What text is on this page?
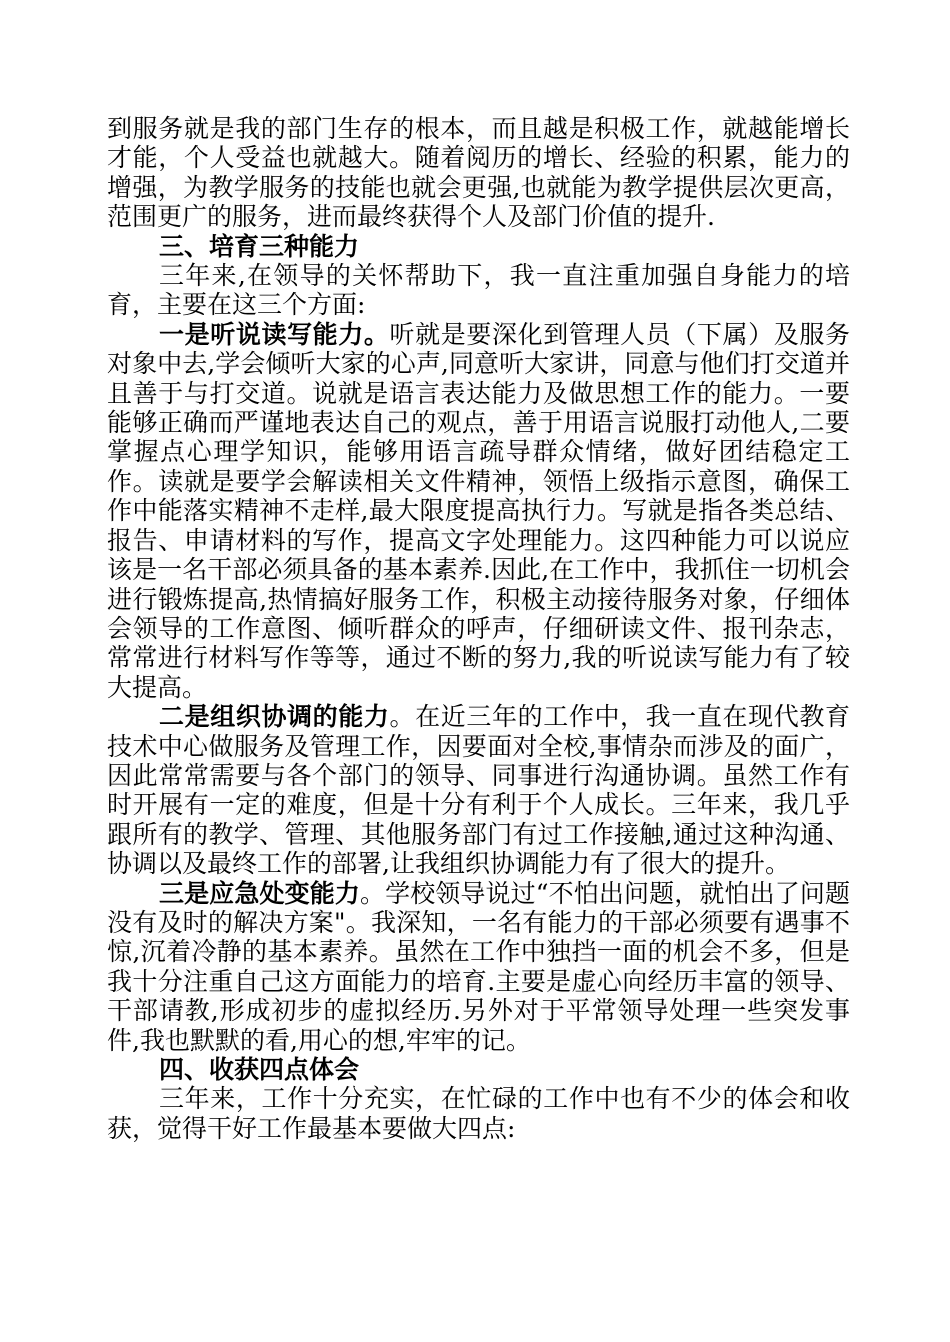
到服务就是我的部门生存的根本，而且越是积极工作，就越能增长才能，个人受益也就越大。随着阅历的增长、经验的积累，能力的增强，为教学服务的技能也就会更强,也就能为教学提供层次更高，范围更广的服务，进而最终获得个人及部门价值的提升.

三、培育三种能力

三年来,在领导的关怀帮助下，我一直注重加强自身能力的培育，主要在这三个方面:

一是听说读写能力。听就是要深化到管理人员（下属）及服务对象中去,学会倾听大家的心声,同意听大家讲，同意与他们打交道并且善于与打交道。说就是语言表达能力及做思想工作的能力。一要能够正确而严谨地表达自己的观点，善于用语言说服打动他人,二要掌握点心理学知识，能够用语言疏导群众情绪，做好团结稳定工作。读就是要学会解读相关文件精神，领悟上级指示意图，确保工作中能落实精神不走样,最大限度提高执行力。写就是指各类总结、报告、申请材料的写作，提高文字处理能力。这四种能力可以说应该是一名干部必须具备的基本素养.因此,在工作中，我抓住一切机会进行锻炼提高,热情搞好服务工作，积极主动接待服务对象，仔细体会领导的工作意图、倾听群众的呼声，仔细研读文件、报刊杂志，常常进行材料写作等等，通过不断的努力,我的听说读写能力有了较大提高。

二是组织协调的能力。在近三年的工作中，我一直在现代教育技术中心做服务及管理工作，因要面对全校,事情杂而涉及的面广，因此常常需要与各个部门的领导、同事进行沟通协调。虽然工作有时开展有一定的难度，但是十分有利于个人成长。三年来，我几乎跟所有的教学、管理、其他服务部门有过工作接触,通过这种沟通、协调以及最终工作的部署,让我组织协调能力有了很大的提升。

三是应急处变能力。学校领导说过“不怕出问题，就怕出了问题没有及时的解决方案"。我深知，一名有能力的干部必须要有遇事不惊,沉着冷静的基本素养。虽然在工作中独挡一面的机会不多，但是我十分注重自己这方面能力的培育.主要是虚心向经历丰富的领导、干部请教,形成初步的虚拟经历.另外对于平常领导处理一些突发事件,我也默默的看,用心的想,牢牢的记。

四、收获四点体会

三年来，工作十分充实，在忙碌的工作中也有不少的体会和收获，觉得干好工作最基本要做大四点:
